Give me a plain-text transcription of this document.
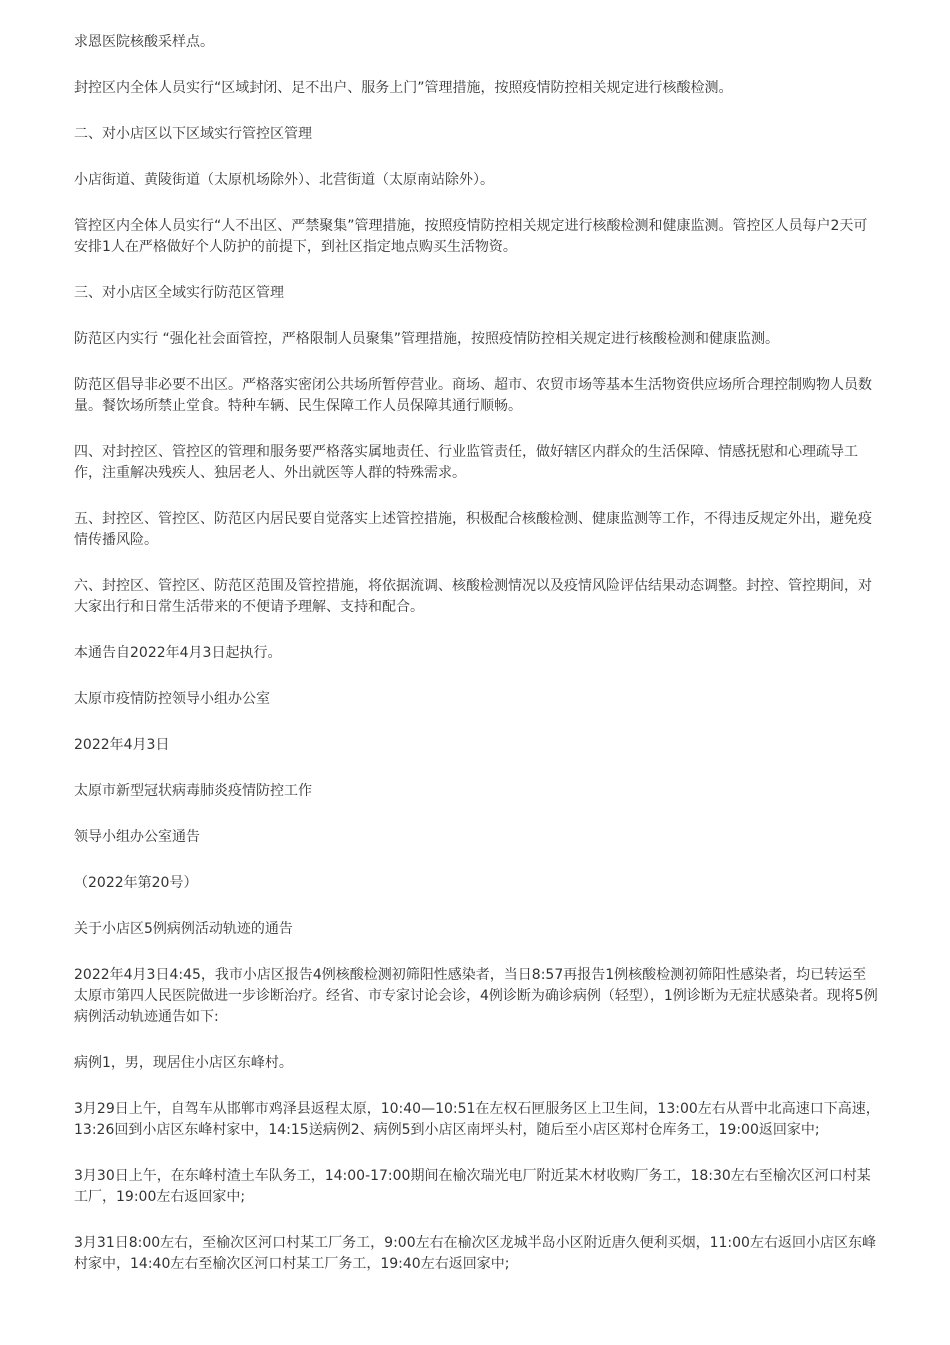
求恩医院核酸采样点。

封控区内全体人员实行“区域封闭、足不出户、服务上门”管理措施，按照疫情防控相关规定进行核酸检测。

二、对小店区以下区域实行管控区管理

小店街道、黄陵街道（太原机场除外）、北营街道（太原南站除外）。

管控区内全体人员实行“人不出区、严禁聚集”管理措施，按照疫情防控相关规定进行核酸检测和健康监测。管控区人员每户2天可安排1人在严格做好个人防护的前提下，到社区指定地点购买生活物资。

三、对小店区全域实行防范区管理

防范区内实行 “强化社会面管控，严格限制人员聚集”管理措施，按照疫情防控相关规定进行核酸检测和健康监测。

防范区倡导非必要不出区。严格落实密闭公共场所暂停营业。商场、超市、农贸市场等基本生活物资供应场所合理控制购物人员数量。餐饮场所禁止堂食。特种车辆、民生保障工作人员保障其通行顺畅。

四、对封控区、管控区的管理和服务要严格落实属地责任、行业监管责任，做好辖区内群众的生活保障、情感抚慰和心理疏导工作，注重解决残疾人、独居老人、外出就医等人群的特殊需求。

五、封控区、管控区、防范区内居民要自觉落实上述管控措施，积极配合核酸检测、健康监测等工作，不得违反规定外出，避免疫情传播风险。

六、封控区、管控区、防范区范围及管控措施，将依据流调、核酸检测情况以及疫情风险评估结果动态调整。封控、管控期间，对大家出行和日常生活带来的不便请予理解、支持和配合。

本通告自2022年4月3日起执行。

太原市疫情防控领导小组办公室

2022年4月3日

太原市新型冠状病毒肺炎疫情防控工作

领导小组办公室通告

（2022年第20号）

关于小店区5例病例活动轨迹的通告

2022年4月3日4:45，我市小店区报告4例核酸检测初筛阳性感染者，当日8:57再报告1例核酸检测初筛阳性感染者，均已转运至太原市第四人民医院做进一步诊断治疗。经省、市专家讨论会诊，4例诊断为确诊病例（轻型），1例诊断为无症状感染者。现将5例病例活动轨迹通告如下:

病例1，男，现居住小店区东峰村。

3月29日上午，自驾车从邯郸市鸡泽县返程太原，10:40—10:51在左权石匣服务区上卫生间，13:00左右从晋中北高速口下高速，13:26回到小店区东峰村家中，14:15送病例2、病例5到小店区南坪头村，随后至小店区郑村仓库务工，19:00返回家中;

3月30日上午，在东峰村渣土车队务工，14:00-17:00期间在榆次瑞光电厂附近某木材收购厂务工，18:30左右至榆次区河口村某工厂，19:00左右返回家中;

3月31日8:00左右，至榆次区河口村某工厂务工，9:00左右在榆次区龙城半岛小区附近唐久便利买烟，11:00左右返回小店区东峰村家中，14:40左右至榆次区河口村某工厂务工，19:40左右返回家中;
